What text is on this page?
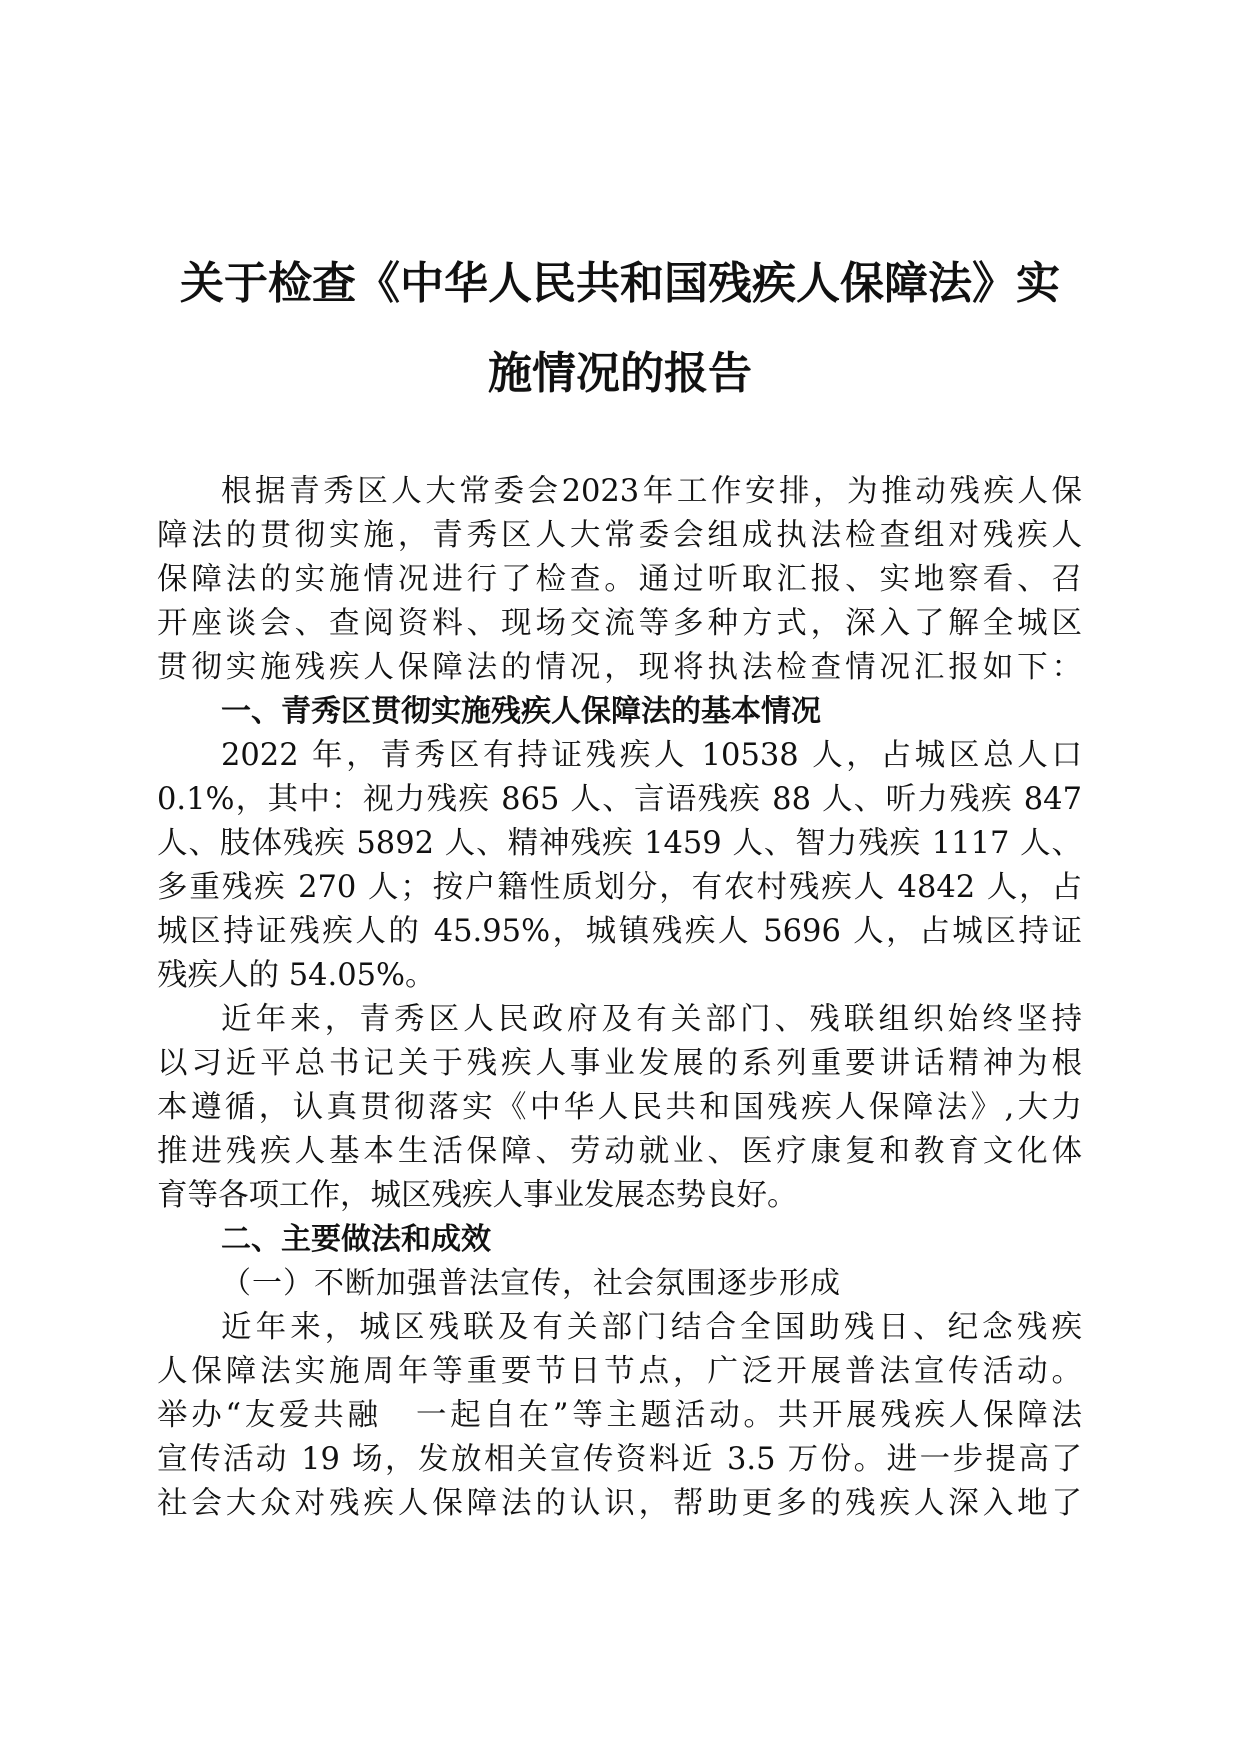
关于检查《中华人民共和国残疾人保障法》实
施情况的报告
根据青秀区人大常委会2023年工作安排，为推动残疾人保
障法的贯彻实施，青秀区人大常委会组成执法检查组对残疾人
保障法的实施情况进行了检查。通过听取汇报、实地察看、召
开座谈会、查阅资料、现场交流等多种方式，深入了解全城区
贯彻实施残疾人保障法的情况，现将执法检查情况汇报如下：
一、青秀区贯彻实施残疾人保障法的基本情况
2022 年，青秀区有持证残疾人 10538 人，占城区总人口
0.1%，其中：视力残疾 865 人、言语残疾 88 人、听力残疾 847
人、肢体残疾 5892 人、精神残疾 1459 人、智力残疾 1117 人、
多重残疾 270 人；按户籍性质划分，有农村残疾人 4842 人，占
城区持证残疾人的 45.95%，城镇残疾人 5696 人，占城区持证
残疾人的 54.05%。
近年来，青秀区人民政府及有关部门、残联组织始终坚持
以习近平总书记关于残疾人事业发展的系列重要讲话精神为根
本遵循，认真贯彻落实《中华人民共和国残疾人保障法》,大力
推进残疾人基本生活保障、劳动就业、医疗康复和教育文化体
育等各项工作，城区残疾人事业发展态势良好。
二、主要做法和成效
（一）不断加强普法宣传，社会氛围逐步形成
近年来，城区残联及有关部门结合全国助残日、纪念残疾
人保障法实施周年等重要节日节点，广泛开展普法宣传活动。
举办“友爱共融　一起自在”等主题活动。共开展残疾人保障法
宣传活动 19 场，发放相关宣传资料近 3.5 万份。进一步提高了
社会大众对残疾人保障法的认识，帮助更多的残疾人深入地了
